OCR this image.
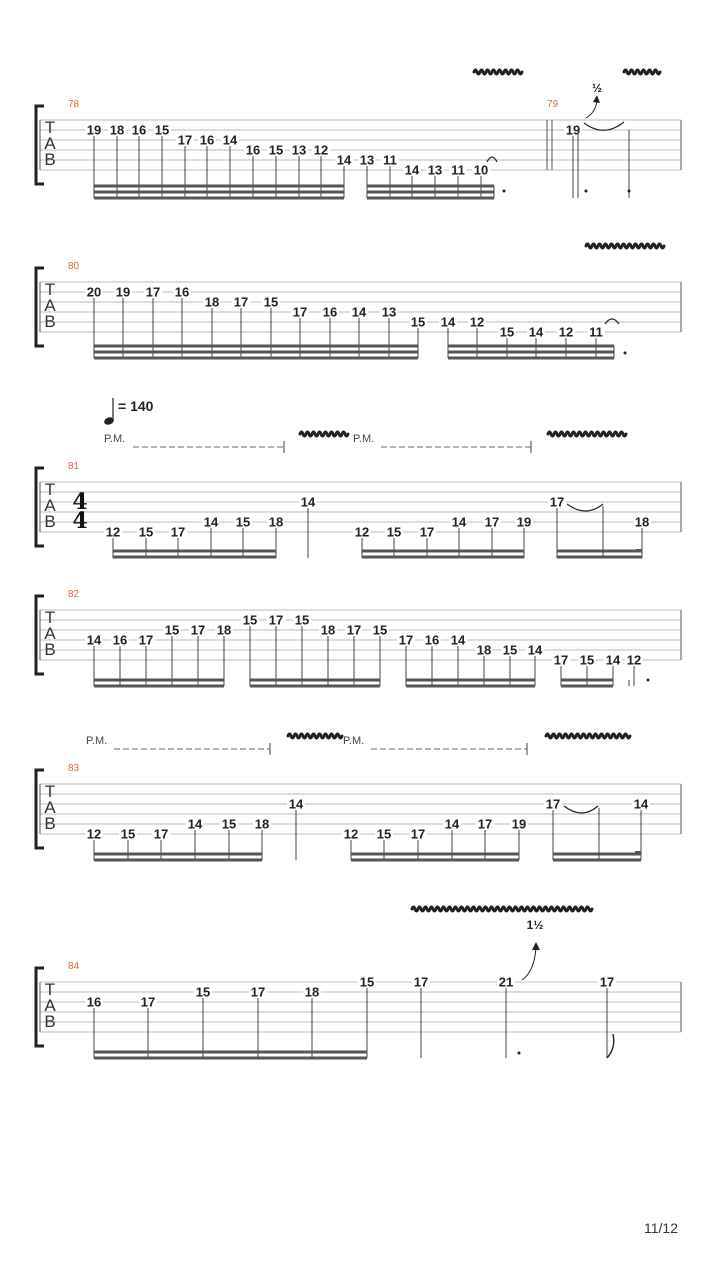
T
A
B
78
19 18 16 15
17 16 14
16 15 13 12
14 13 11
14 13 11 10
79
19
T
A
B
80
20 19 17 16
18 17 15
17 16 14 13
15 14 12
15 14 12 11
T
A
B
4
4
81
12 15 17
14 15 18
14
12 15 17
14 17 19
17
18
T
A
B
82
14 16 17
15 17 18
15 17 15
18 17 15
17 16 14
18 15 14
17 15 14 12
T
A
B
83
12 15 17
14 15 18
14
12 15 17
14 17 19
17	14
T
A
B
84
16	17
15	17	18
15	17	21	17
½
= 140
P.M.	P.M.
P.M.	P.M.
1½
11/12
